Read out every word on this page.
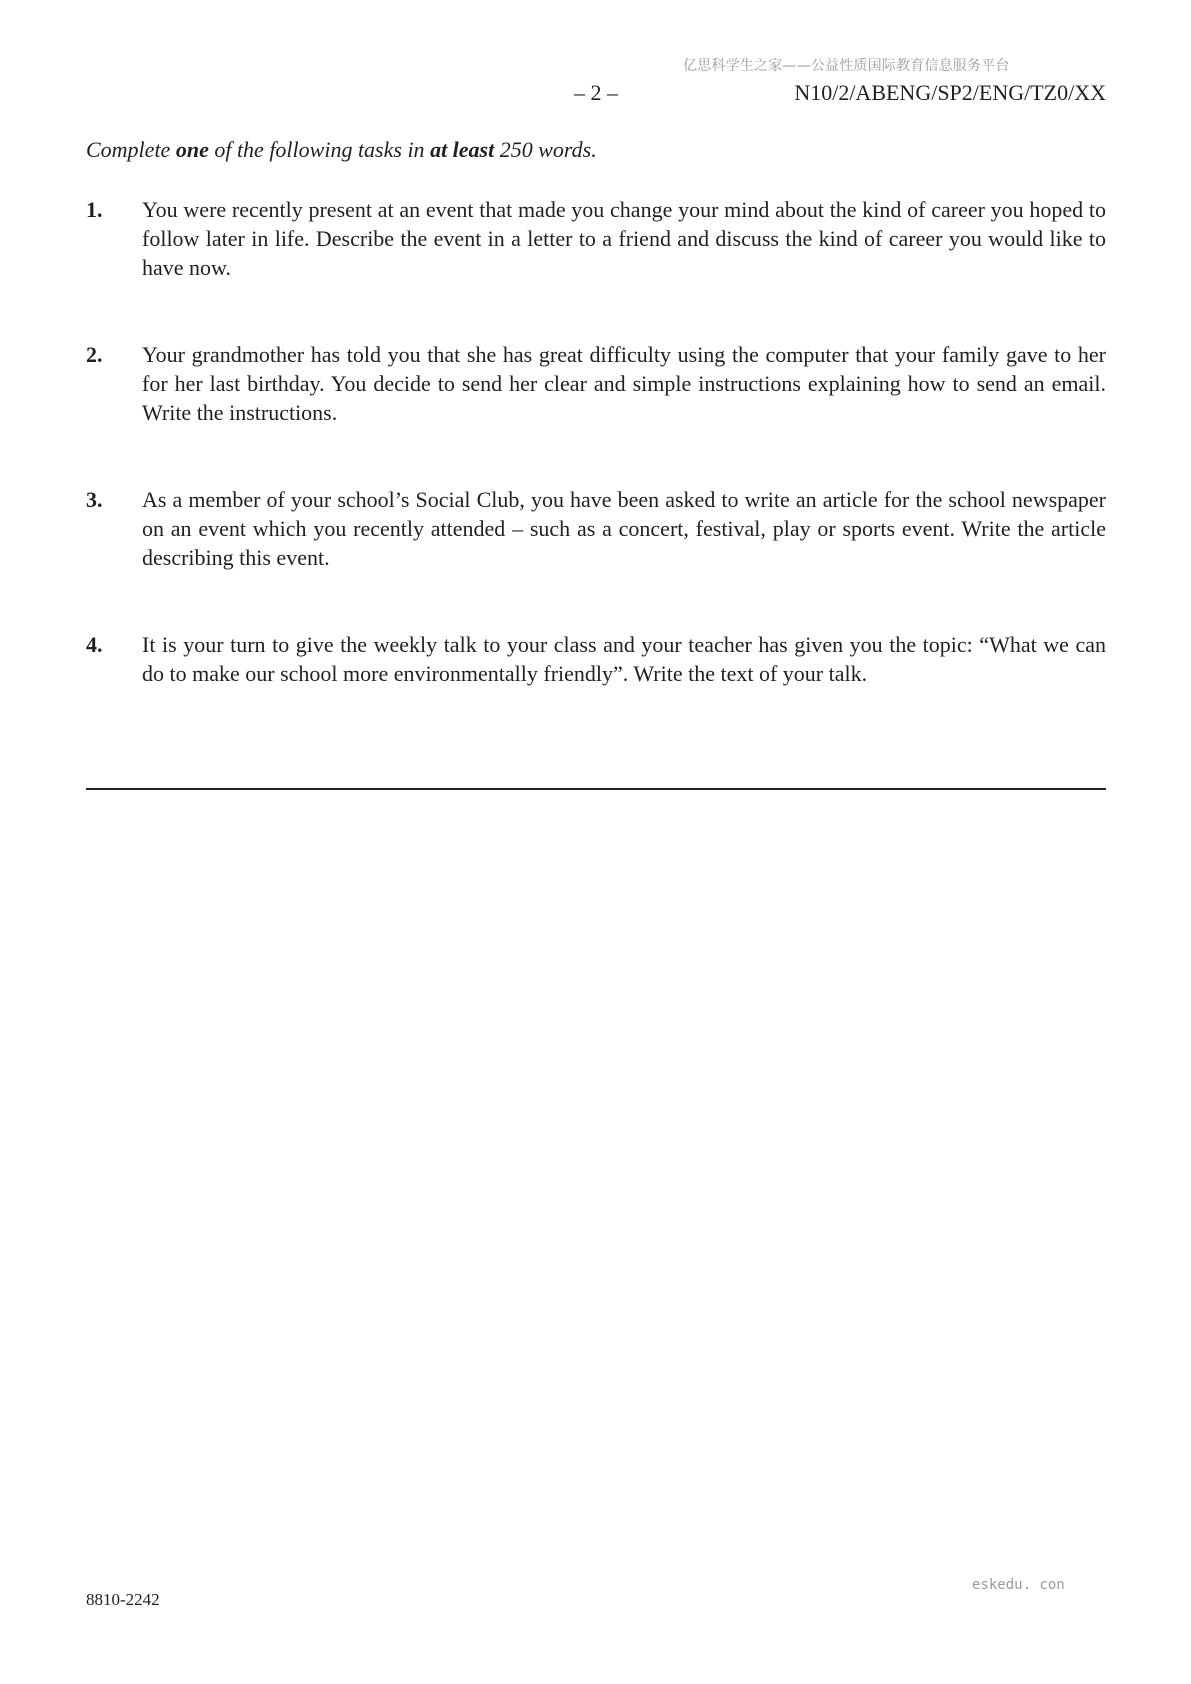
亿思科学生之家——公益性质国际教育信息服务平台
– 2 –	N10/2/ABENG/SP2/ENG/TZ0/XX
Complete one of the following tasks in at least 250 words.
1. You were recently present at an event that made you change your mind about the kind of career you hoped to follow later in life. Describe the event in a letter to a friend and discuss the kind of career you would like to have now.
2. Your grandmother has told you that she has great difficulty using the computer that your family gave to her for her last birthday. You decide to send her clear and simple instructions explaining how to send an email. Write the instructions.
3. As a member of your school’s Social Club, you have been asked to write an article for the school newspaper on an event which you recently attended – such as a concert, festival, play or sports event. Write the article describing this event.
4. It is your turn to give the weekly talk to your class and your teacher has given you the topic: “What we can do to make our school more environmentally friendly”. Write the text of your talk.
8810-2242
eskedu. con
